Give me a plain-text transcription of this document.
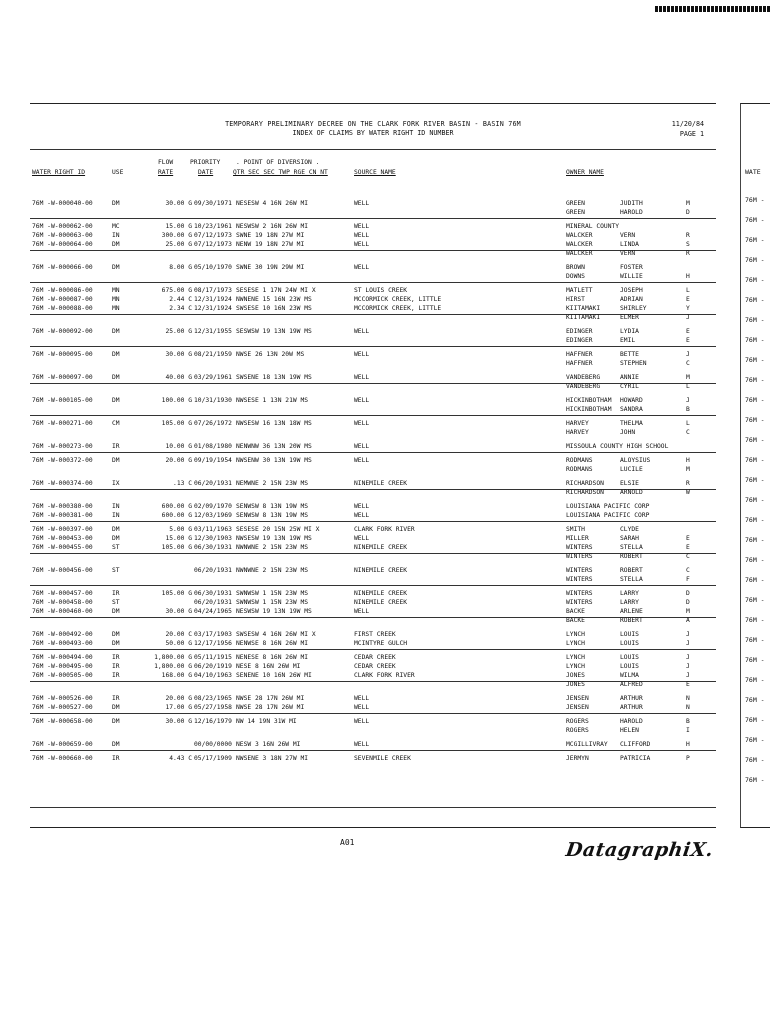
TEMPORARY PRELIMINARY DECREE ON THE CLARK FORK RIVER BASIN - BASIN 76M
INDEX OF CLAIMS BY WATER RIGHT ID NUMBER
11/20/84
PAGE 1
FLOW	PRIORITY . POINT OF DIVERSION .
WATER RIGHT ID	USE	RATE	DATE	QTR SEC SEC TWP RGE CN NT	SOURCE NAME	OWNER NAME
76M -W-000040-00	DM	30.00 G 09/30/1971 NESESW 4 16N 26W MI	WELL	GREEN	JUDITH	M
GREEN	HAROLD	D
76M -W-000062-00	MC	15.00 G 10/23/1961 NESWSW 2 16N 26W MI	WELL	MINERAL COUNTY
76M -W-000063-00	IN	300.00 G 07/12/1973 SWNE 19 18N 27W MI	WELL	WALCKER	VERN	R
76M -W-000064-00	DM	25.00 G 07/12/1973 NENW 19 18N 27W MI	WELL	WALCKER	LINDA	S
WALCKER	VERN	R
76M -W-000066-00	DM	8.00 G 05/10/1970 SWNE 30 19N 29W MI	WELL	BROWN	FOSTER
DOWNS	WILLIE	H
76M -W-000086-00	MN	675.00 G 08/17/1973 SESESE 1 17N 24W MI X	ST LOUIS CREEK	MATLETT	JOSEPH	L
76M -W-000087-00	MN	2.44 C 12/31/1924 NWNENE 15 16N 23W MS	MCCORMICK CREEK, LITTLE	HIRST	ADRIAN	E
76M -W-000088-00	MN	2.34 C 12/31/1924 SWSESE 10 16N 23W MS	MCCORMICK CREEK, LITTLE	KIITAMAKI	SHIRLEY	Y
KIITAMAKI	ELMER	J
76M -W-000092-00	DM	25.00 G 12/31/1955 SESWSW 19 13N 19W MS	WELL	EDINGER	LYDIA	E
EDINGER	EMIL	E
76M -W-000095-00	DM	30.00 G 08/21/1959 NWSE 26 13N 20W MS	WELL	HAFFNER	BETTE	J
HAFFNER	STEPHEN	C
76M -W-000097-00	DM	40.00 G 03/29/1961 SWSENE 18 13N 19W MS	WELL	VANDEBERG	ANNIE	M
VANDEBERG	CYRIL	L
76M -W-000105-00	DM	100.00 G 10/31/1930 NWSESE 1 13N 21W MS	WELL	HICKINBOTHAM HOWARD	J
HICKINBOTHAM SANDRA	B
76M -W-000271-00	CM	105.00 G 07/26/1972 NWSESW 16 13N 18W MS	WELL	HARVEY	THELMA	L
HARVEY	JOHN	C
76M -W-000273-00	IR	10.00 G 01/08/1980 NENWNW 36 13N 20W MS	WELL	MISSOULA COUNTY HIGH SCHOOL
76M -W-000372-00	DM	20.00 G 09/19/1954 NWSENW 30 13N 19W MS	WELL	RODMANS	ALOYSIUS	H
RODMANS	LUCILE	M
76M -W-000374-00	IX	.13 C 06/20/1931 NEMWNE 2 15N 23W MS	NINEMILE CREEK	RICHARDSON	ELSIE	R
RICHARDSON	ARNOLD	W
76M -W-000380-00	IN	600.00 G 02/09/1970 SENWSW 8 13N 19W MS	WELL	LOUISIANA PACIFIC CORP
76M -W-000381-00	IN	600.00 G 12/03/1969 SENWSW 8 13N 19W MS	WELL	LOUISIANA PACIFIC CORP
76M -W-000397-00	DM	5.00 G 03/11/1963 SESESE 20 15N 25W MI X	CLARK FORK RIVER	SMITH	CLYDE
76M -W-000453-00	DM	15.00 G 12/30/1903 NWSESW 19 13N 19W MS	WELL	MILLER	SARAH	E
76M -W-000455-00	ST	105.00 G 06/30/1931 NWNWNE 2 15N 23W MS	NINEMILE CREEK	WINTERS	STELLA	E
WINTERS	ROBERT	C
76M -W-000456-00	ST	06/20/1931 NWNWNE 2 15N 23W MS	NINEMILE CREEK	WINTERS	ROBERT	C
WINTERS	STELLA	F
76M -W-000457-00	IR	105.00 G 06/30/1931 SWNWSW 1 15N 23W MS	NINEMILE CREEK	WINTERS	LARRY	D
76M -W-000458-00	ST	06/20/1931 SWNWSW 1 15N 23W MS	NINEMILE CREEK	WINTERS	LARRY	D
76M -W-000460-00	DM	30.00 G 04/24/1965 NESWSW 19 13N 19W MS	WELL	BACKE	ARLENE	M
BACKE	ROBERT	A
76M -W-000492-00	DM	20.00 C 03/17/1903 SWSESW 4 16N 26W MI X	FIRST CREEK	LYNCH	LOUIS	J
76M -W-000493-00	DM	50.00 G 12/17/1956 NENWSE 8 16N 26W MI	MCINTYRE GULCH	LYNCH	LOUIS	J
76M -W-000494-00	IR	1,800.00 G 05/11/1915 NENESE 8 16N 26W MI	CEDAR CREEK	LYNCH	LOUIS	J
76M -W-000495-00	IR	1,800.00 G 06/20/1919 NESE 8 16N 26W MI	CEDAR CREEK	LYNCH	LOUIS	J
76M -W-000505-00	IR	168.00 G 04/10/1963 SENENE 10 16N 26W MI	CLARK FORK RIVER	JONES	WILMA	J
JONES	ALFRED	E
76M -W-000526-00	IR	20.00 G 08/23/1965 NWSE 28 17N 26W MI	WELL	JENSEN	ARTHUR	N
76M -W-000527-00	DM	17.00 G 05/27/1958 NWSE 28 17N 26W MI	WELL	JENSEN	ARTHUR	N
76M -W-000658-00	DM	30.00 G 12/16/1979 NW 14 19N 31W MI	WELL	ROGERS	HAROLD	B
ROGERS	HELEN	I
76M -W-000659-00	DM	00/00/0000 NESW 3 16N 26W MI	WELL	MCGILLIVRAY CLIFFORD	H
76M -W-000660-00	IR	4.43 C 05/17/1909 NWSENE 3 18N 27W MI	SEVENMILE CREEK	JERMYN	PATRICIA	P
WATE
76M -
76M -
76M -
76M -
76M -
76M -
76M -
76M -
76M -
76M -
76M -
76M -
76M -
76M -
76M -
76M -
76M -
76M -
76M -
76M -
76M -
76M -
76M -
76M -
76M -
76M -
76M -
76M -
76M -
76M -
A01	DatagraphiX.
